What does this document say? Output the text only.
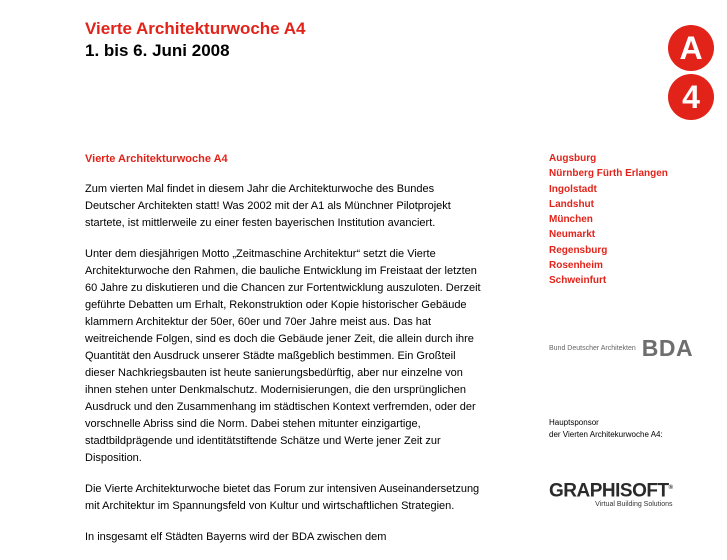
Vierte Architekturwoche A4
1. bis 6. Juni 2008	A
4
Vierte Architekturwoche A4

Zum vierten Mal findet in diesem Jahr die Architekturwoche des Bundes Deutscher Architekten statt! Was 2002 mit der A1 als Münchner Pilotprojekt startete, ist mittlerweile zu einer festen bayerischen Institution avanciert.

Unter dem diesjährigen Motto „Zeitmaschine Architektur“ setzt die Vierte Architekturwoche den Rahmen, die bauliche Entwicklung im Freistaat der letzten 60 Jahre zu diskutieren und die Chancen zur Fortentwicklung auszuloten. Derzeit geführte Debatten um Erhalt, Rekonstruktion oder Kopie historischer Gebäude klammern Architektur der 50er, 60er und 70er Jahre meist aus. Das hat weitreichende Folgen, sind es doch die Gebäude jener Zeit, die allein durch ihre Quantität den Ausdruck unserer Städte maßgeblich bestimmen. Ein Großteil dieser Nachkriegsbauten ist heute sanierungsbedürftig, aber nur einzelne von ihnen stehen unter Denkmalschutz. Modernisierungen, die den ursprünglichen Ausdruck und den Zusammenhang im städtischen Kontext verfremden, oder der vorschnelle Abriss sind die Norm. Dabei stehen mitunter einzigartige, stadtbildprägende und identitätstiftende Schätze und Werte jener Zeit zur Disposition.

Die Vierte Architekturwoche bietet das Forum zur intensiven Auseinandersetzung mit Architektur im Spannungsfeld von Kultur und wirtschaftlichen Strategien.

In insgesamt elf Städten Bayerns wird der BDA zwischen dem

Augsburg
Nürnberg Fürth Erlangen
Ingolstadt
Landshut
München
Neumarkt
Regensburg
Rosenheim
Schweinfurt
Bund Deutscher Architekten BDA
Hauptsponsor
der Vierten Architekurwoche A4:
GRAPHISOFT®
Virtual Building Solutions
